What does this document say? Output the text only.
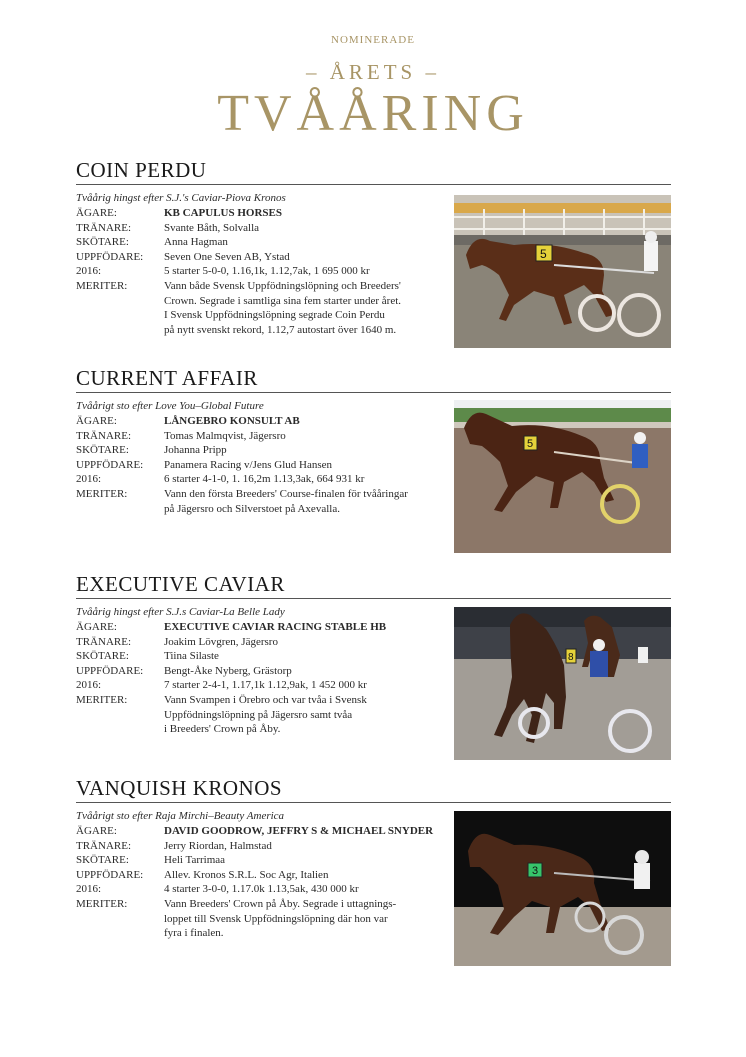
NOMINERADE
– ÅRETS –
TVÅÅRING
COIN PERDU
Tvåårig hingst efter S.J.'s Caviar-Piova Kronos
ÄGARE:	KB CAPULUS HORSES
TRÄNARE:	Svante Båth, Solvalla
SKÖTARE:	Anna Hagman
UPPFÖDARE:	Seven One Seven AB, Ystad
2016:	5 starter 5-0-0, 1.16,1k, 1.12,7ak, 1 695 000 kr
MERITER:	Vann både Svensk Uppfödningslöpning och Breeders'
Crown. Segrade i samtliga sina fem starter under året.
I Svensk Uppfödningslöpning segrade Coin Perdu
på nytt svenskt rekord, 1.12,7 autostart över 1640 m.
5
CURRENT AFFAIR
Tvåårigt sto efter Love You–Global Future
ÄGARE:	LÅNGEBRO KONSULT AB
TRÄNARE:	Tomas Malmqvist, Jägersro
SKÖTARE:	Johanna Pripp
UPPFÖDARE:	Panamera Racing v/Jens Glud Hansen
2016:	6 starter 4-1-0, 1. 16,2m 1.13,3ak, 664 931 kr
MERITER:	Vann den första Breeders' Course-finalen för tvååringar
på Jägersro och Silverstoet på Axevalla.
5
EXECUTIVE CAVIAR
Tvåårig hingst efter S.J.s Caviar-La Belle Lady
ÄGARE:	EXECUTIVE CAVIAR RACING STABLE HB
TRÄNARE:	Joakim Lövgren, Jägersro
SKÖTARE:	Tiina Silaste
UPPFÖDARE:	Bengt-Åke Nyberg, Grästorp
2016:	7 starter 2-4-1, 1.17,1k 1.12,9ak, 1 452 000 kr
MERITER:	Vann Svampen i Örebro och var tvåa i Svensk
Uppfödningslöpning på Jägersro samt tvåa
i Breeders' Crown på Åby.
8
VANQUISH KRONOS
Tvåårigt sto efter Raja Mirchi–Beauty America
ÄGARE:	DAVID GOODROW, JEFFRY S & MICHAEL SNYDER
TRÄNARE:	Jerry Riordan, Halmstad
SKÖTARE:	Heli Tarrimaa
UPPFÖDARE:	Allev. Kronos S.R.L. Soc Agr, Italien
2016:	4 starter 3-0-0, 1.17.0k 1.13,5ak, 430 000 kr
MERITER:	Vann Breeders' Crown på Åby. Segrade i uttagnings-
loppet till Svensk Uppfödningslöpning där hon var
fyra i finalen.
3
